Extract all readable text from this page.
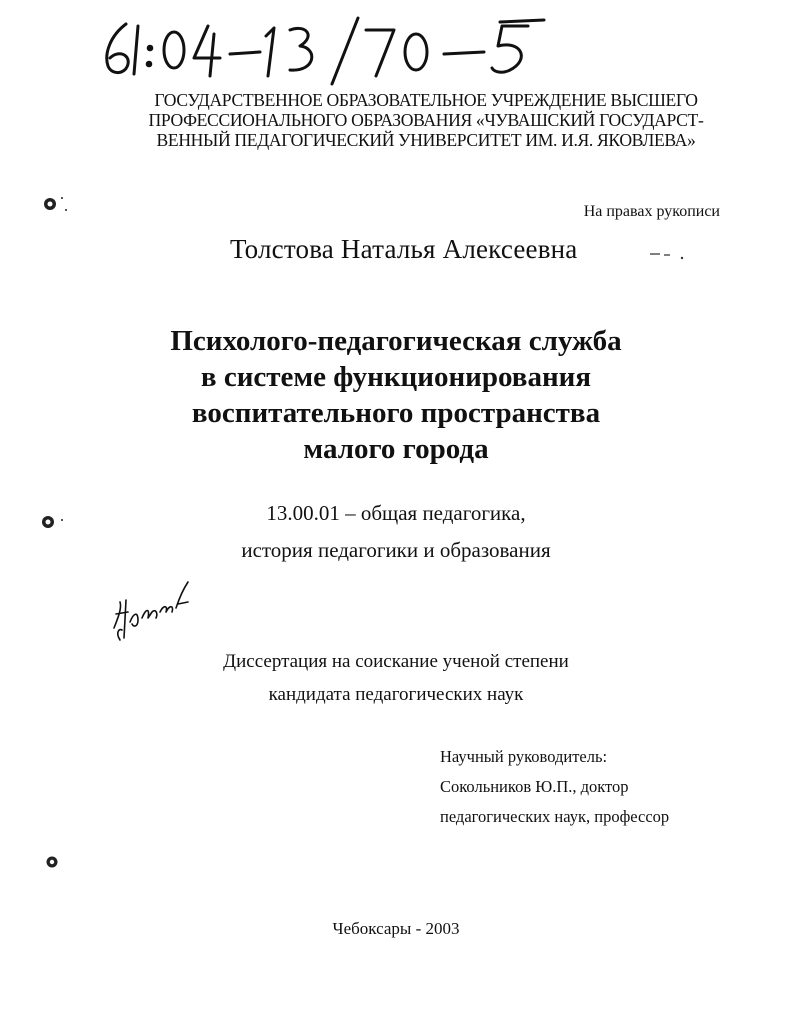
ГОСУДАРСТВЕННОЕ ОБРАЗОВАТЕЛЬНОЕ УЧРЕЖДЕНИЕ ВЫСШЕГО
ПРОФЕССИОНАЛЬНОГО ОБРАЗОВАНИЯ «ЧУВАШСКИЙ ГОСУДАРСТ-
ВЕННЫЙ ПЕДАГОГИЧЕСКИЙ УНИВЕРСИТЕТ ИМ. И.Я. ЯКОВЛЕВА»
На правах рукописи
Толстова Наталья Алексеевна
Психолого-педагогическая служба
в системе функционирования
воспитательного пространства
малого города
13.00.01 – общая педагогика,
история педагогики и образования
Диссертация на соискание ученой степени
кандидата педагогических наук
Научный руководитель:
Сокольников Ю.П., доктор
педагогических наук, профессор
Чебоксары - 2003
